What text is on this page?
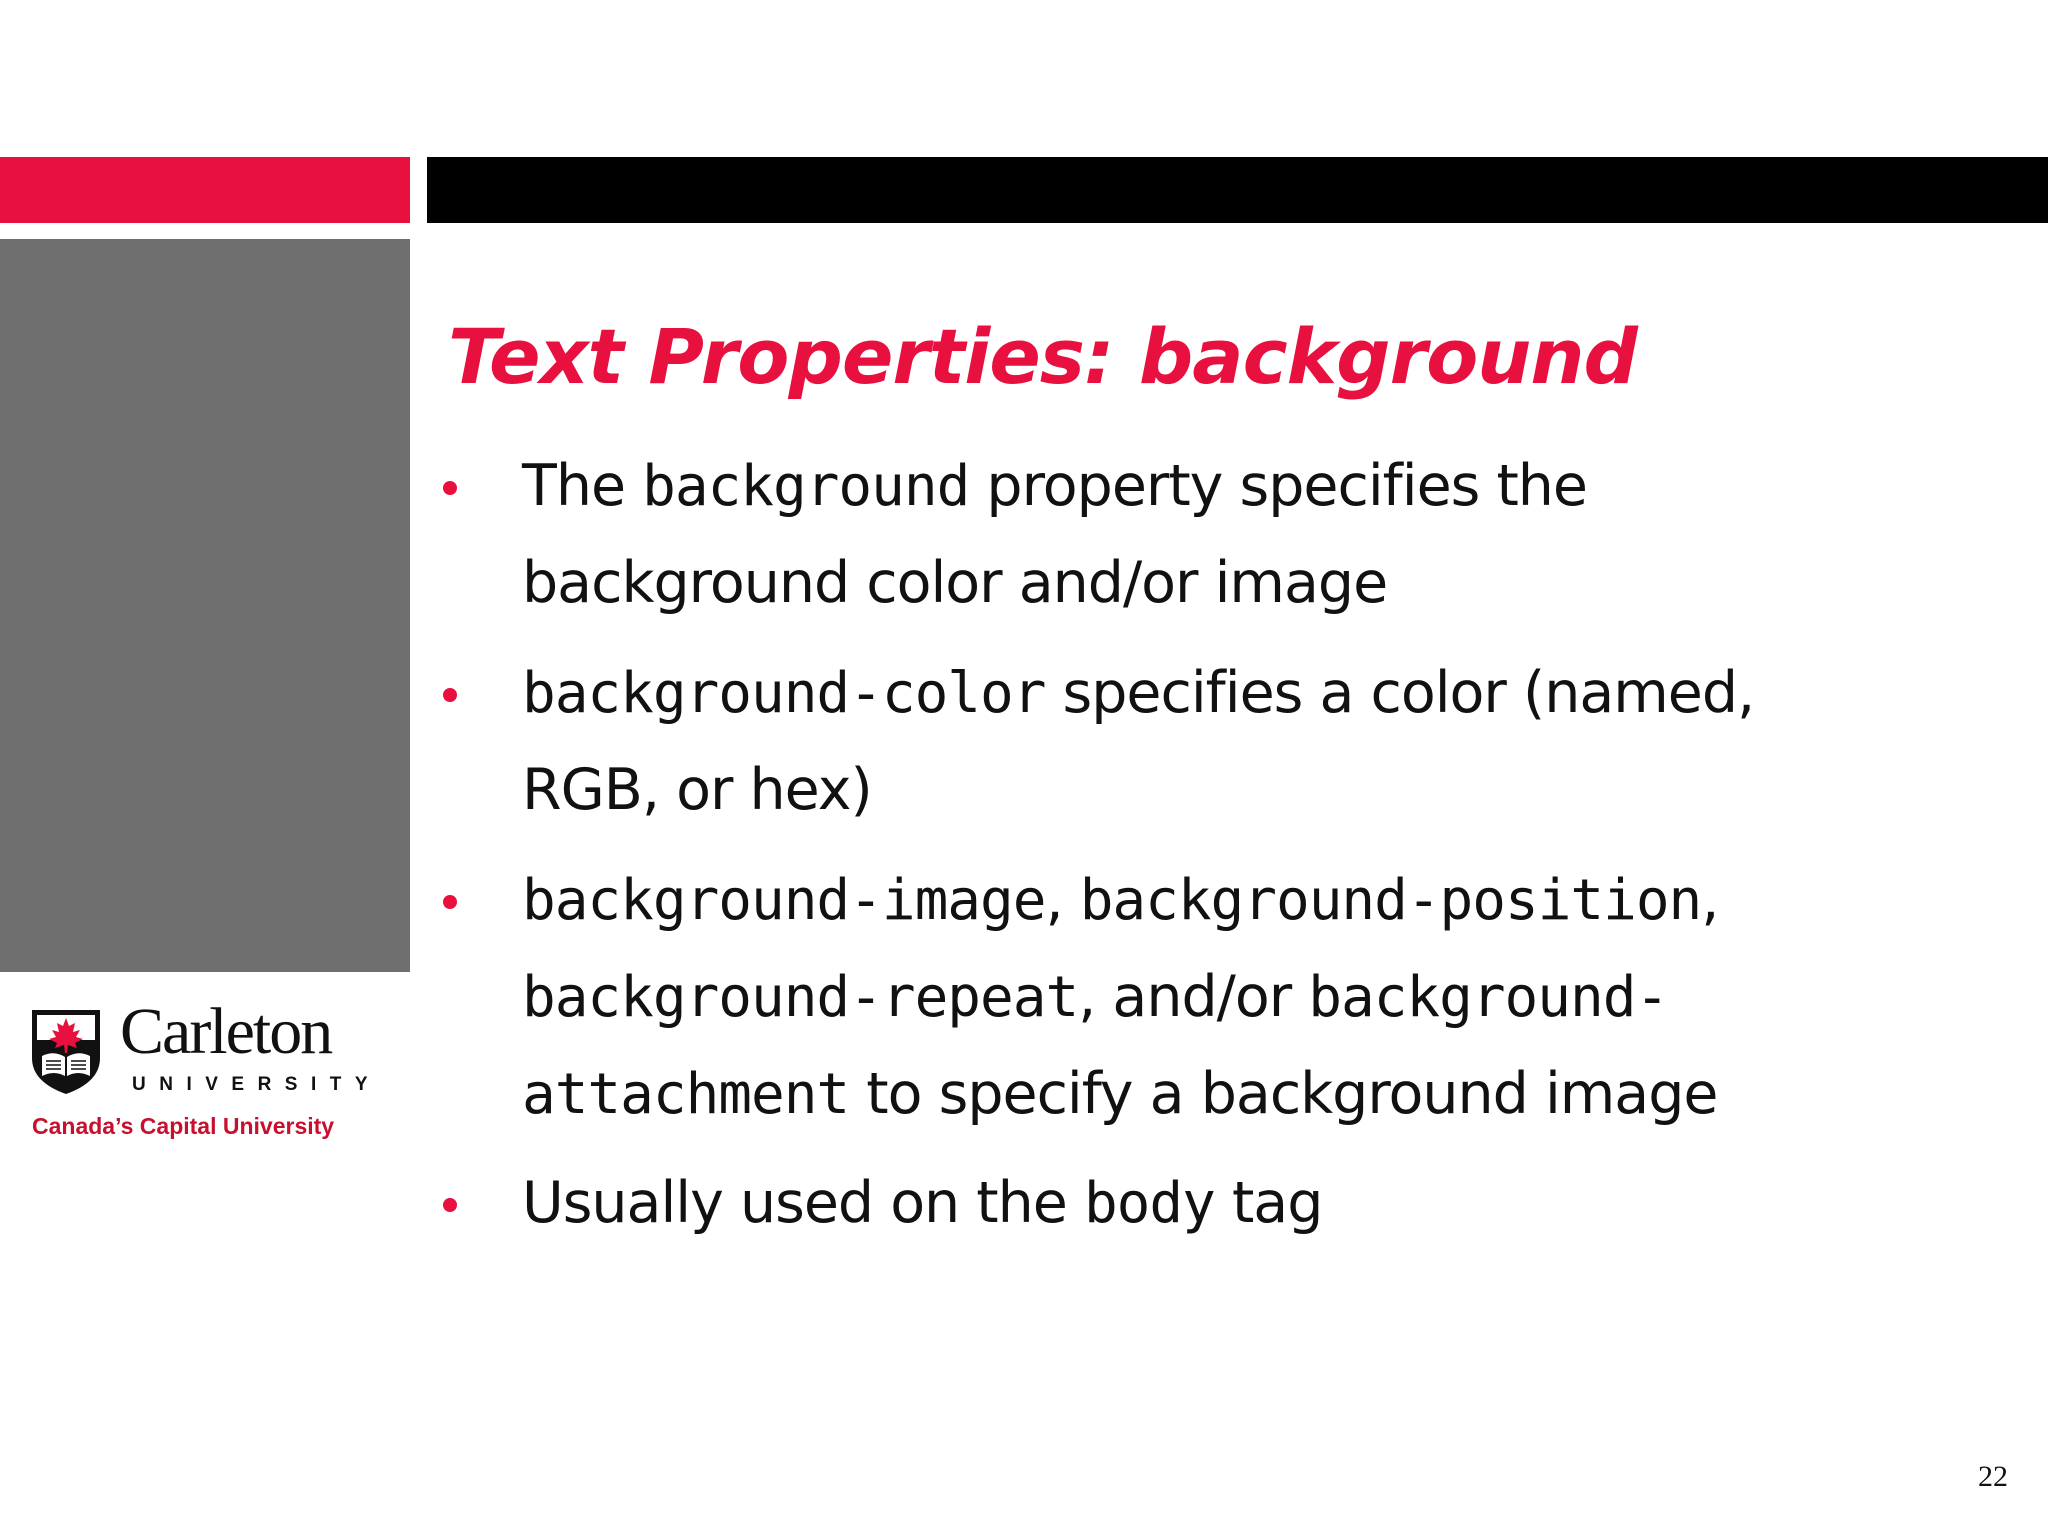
Carleton
UNIVERSITY
Canada’s Capital University
Text Properties: background
The background property specifies the
background color and/or image
background-color specifies a color (named,
RGB, or hex)
background-image, background-position,
background-repeat, and/or background-
attachment to specify a background image
Usually used on the body tag
22
